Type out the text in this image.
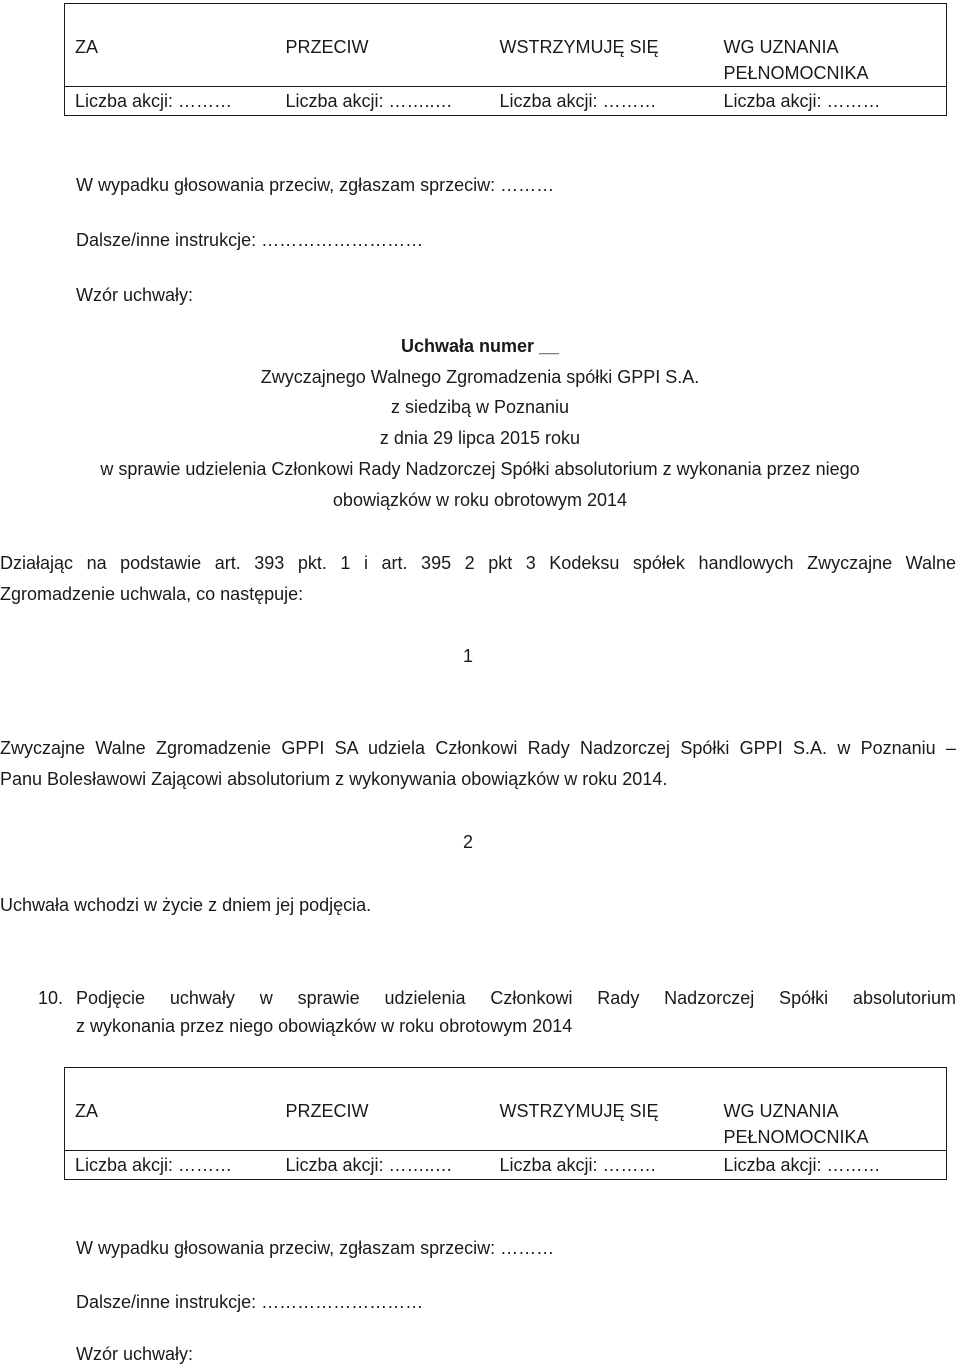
ZA	PRZECIW	WSTRZYMUJĘ SIĘ	WG UZNANIA PEŁNOMOCNIKA
Liczba akcji: ………	Liczba akcji: ……..…	Liczba akcji: ………	Liczba akcji: ………
W wypadku głosowania przeciw, zgłaszam sprzeciw: ………
Dalsze/inne instrukcje: ………………………
Wzór uchwały:
Uchwała numer __
Zwyczajnego Walnego Zgromadzenia spółki GPPI S.A.
z siedzibą w Poznaniu
z dnia 29 lipca 2015 roku
w sprawie udzielenia Członkowi Rady Nadzorczej Spółki absolutorium z wykonania przez niego
obowiązków w roku obrotowym 2014
Działając na podstawie art. 393 pkt. 1 i art. 395 2 pkt 3 Kodeksu spółek handlowych Zwyczajne Walne
Zgromadzenie uchwala, co następuje:
1
Zwyczajne Walne Zgromadzenie GPPI SA udziela Członkowi Rady Nadzorczej Spółki GPPI S.A. w Poznaniu –
Panu Bolesławowi Zającowi absolutorium z wykonywania obowiązków w roku 2014.
2
Uchwała wchodzi w życie z dniem jej podjęcia.
10. Podjęcie uchwały w sprawie udzielenia Członkowi Rady Nadzorczej Spółki absolutorium
z wykonania przez niego obowiązków w roku obrotowym 2014
ZA	PRZECIW	WSTRZYMUJĘ SIĘ	WG UZNANIA PEŁNOMOCNIKA
Liczba akcji: ………	Liczba akcji: ……..…	Liczba akcji: ………	Liczba akcji: ………
W wypadku głosowania przeciw, zgłaszam sprzeciw: ………
Dalsze/inne instrukcje: ………………………
Wzór uchwały:
